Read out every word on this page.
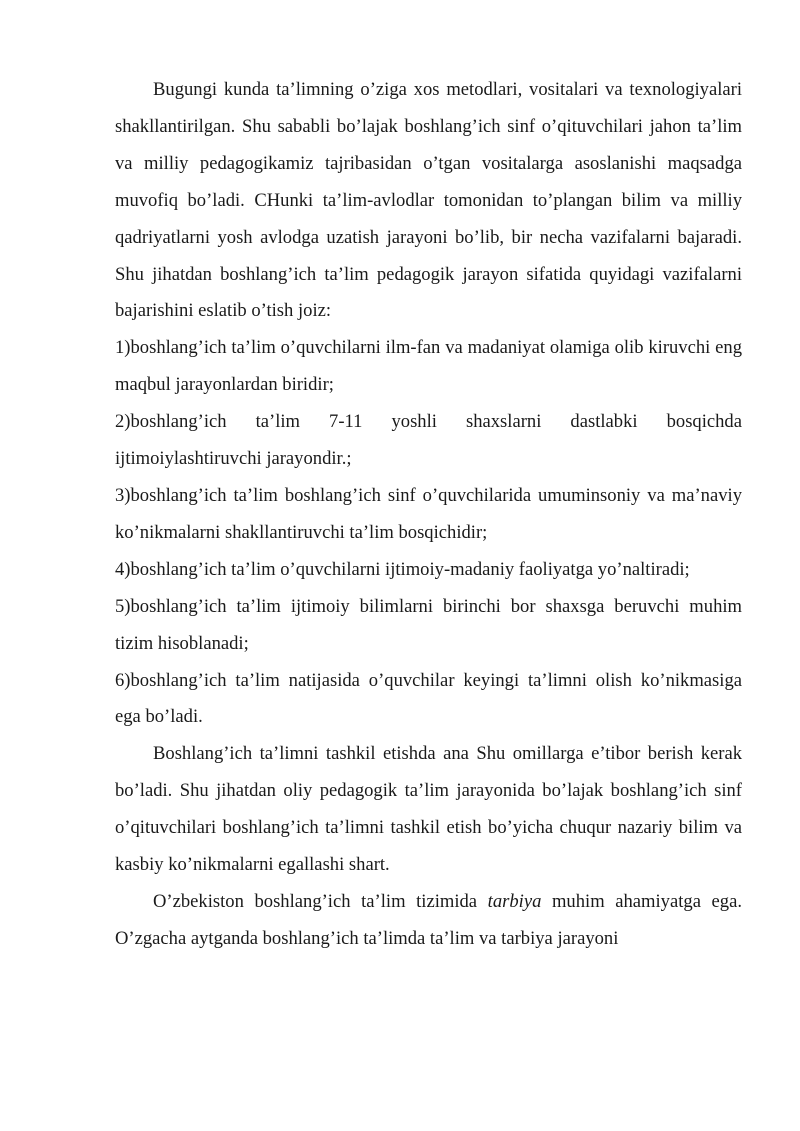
Bugungi kunda ta’limning o’ziga xos metodlari, vositalari va texnologiyalari shakllantirilgan. Shu sababli bo’lajak boshlang’ich sinf o’qituvchilari jahon ta’lim va milliy pedagogikamiz tajribasidan o’tgan vositalarga asoslanishi maqsadga muvofiq bo’ladi. CHunki ta’lim-avlodlar tomonidan to’plangan bilim va milliy qadriyatlarni yosh avlodga uzatish jarayoni bo’lib, bir necha vazifalarni bajaradi. Shu jihatdan boshlang’ich ta’lim pedagogik jarayon sifatida quyidagi vazifalarni bajarishini eslatib o’tish joiz:

1)boshlang’ich ta’lim o’quvchilarni ilm-fan va madaniyat olamiga olib kiruvchi eng maqbul jarayonlardan biridir;

2)boshlang’ich ta’lim 7-11 yoshli shaxslarni dastlabki bosqichda ijtimoiylashtiruvchi jarayondir.;

3)boshlang’ich ta’lim boshlang’ich sinf o’quvchilarida umuminsoniy va ma’naviy ko’nikmalarni shakllantiruvchi ta’lim bosqichidir;

4)boshlang’ich ta’lim o’quvchilarni ijtimoiy-madaniy faoliyatga yo’naltiradi;

5)boshlang’ich ta’lim ijtimoiy bilimlarni birinchi bor shaxsga beruvchi muhim tizim hisoblanadi;

6)boshlang’ich ta’lim natijasida o’quvchilar keyingi ta’limni olish ko’nikmasiga ega bo’ladi.

Boshlang’ich ta’limni tashkil etishda ana Shu omillarga e’tibor berish kerak bo’ladi. Shu jihatdan oliy pedagogik ta’lim jarayonida bo’lajak boshlang’ich sinf o’qituvchilari boshlang’ich ta’limni tashkil etish bo’yicha chuqur nazariy bilim va kasbiy ko’nikmalarni egallashi shart.

O’zbekiston boshlang’ich ta’lim tizimida tarbiya muhim ahamiyatga ega. O’zgacha aytganda boshlang’ich ta’limda ta’lim va tarbiya jarayoni
